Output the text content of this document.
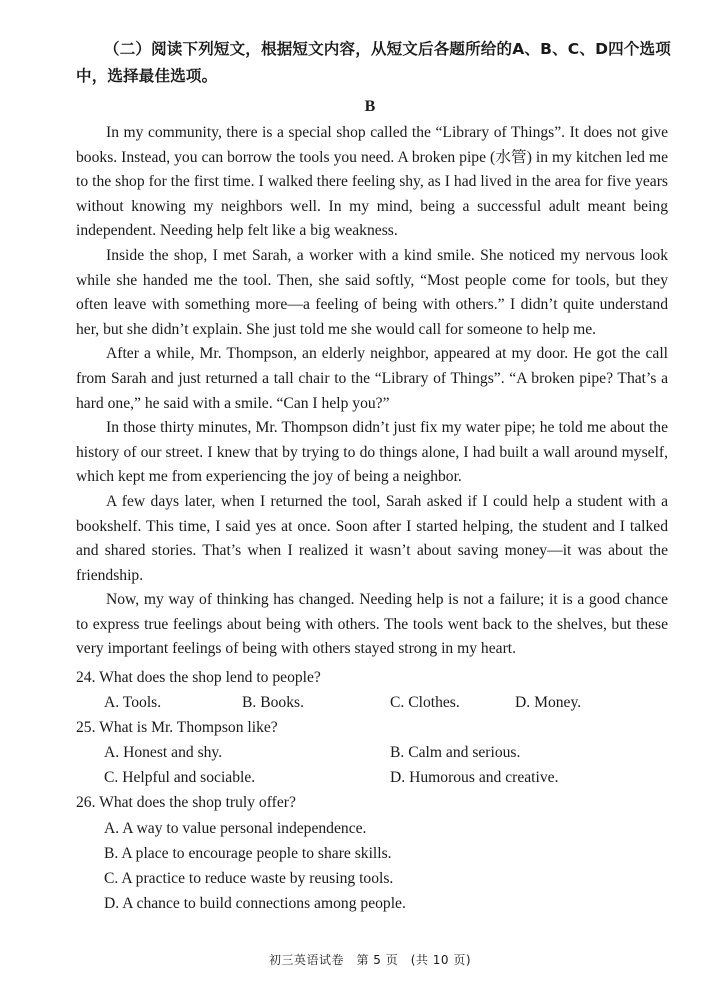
（二）阅读下列短文，根据短文内容，从短文后各题所给的A、B、C、D四个选项中，选择最佳选项。
B

In my community, there is a special shop called the “Library of Things”. It does not give books. Instead, you can borrow the tools you need. A broken pipe (水管) in my kitchen led me to the shop for the first time. I walked there feeling shy, as I had lived in the area for five years without knowing my neighbors well. In my mind, being a successful adult meant being independent. Needing help felt like a big weakness.

Inside the shop, I met Sarah, a worker with a kind smile. She noticed my nervous look while she handed me the tool. Then, she said softly, “Most people come for tools, but they often leave with something more—a feeling of being with others.” I didn’t quite understand her, but she didn’t explain. She just told me she would call for someone to help me.

After a while, Mr. Thompson, an elderly neighbor, appeared at my door. He got the call from Sarah and just returned a tall chair to the “Library of Things”. “A broken pipe? That’s a hard one,” he said with a smile. “Can I help you?”

In those thirty minutes, Mr. Thompson didn’t just fix my water pipe; he told me about the history of our street. I knew that by trying to do things alone, I had built a wall around myself, which kept me from experiencing the joy of being a neighbor.

A few days later, when I returned the tool, Sarah asked if I could help a student with a bookshelf. This time, I said yes at once. Soon after I started helping, the student and I talked and shared stories. That’s when I realized it wasn’t about saving money—it was about the friendship.

Now, my way of thinking has changed. Needing help is not a failure; it is a good chance to express true feelings about being with others. The tools went back to the shelves, but these very important feelings of being with others stayed strong in my heart.

24. What does the shop lend to people?
A. Tools.	B. Books.	C. Clothes.	D. Money.
25. What is Mr. Thompson like?
A. Honest and shy.	B. Calm and serious.
C. Helpful and sociable.	D. Humorous and creative.
26. What does the shop truly offer?
A. A way to value personal independence.
B. A place to encourage people to share skills.
C. A practice to reduce waste by reusing tools.
D. A chance to build connections among people.
初三英语试卷　第 5 页　(共 10 页)
